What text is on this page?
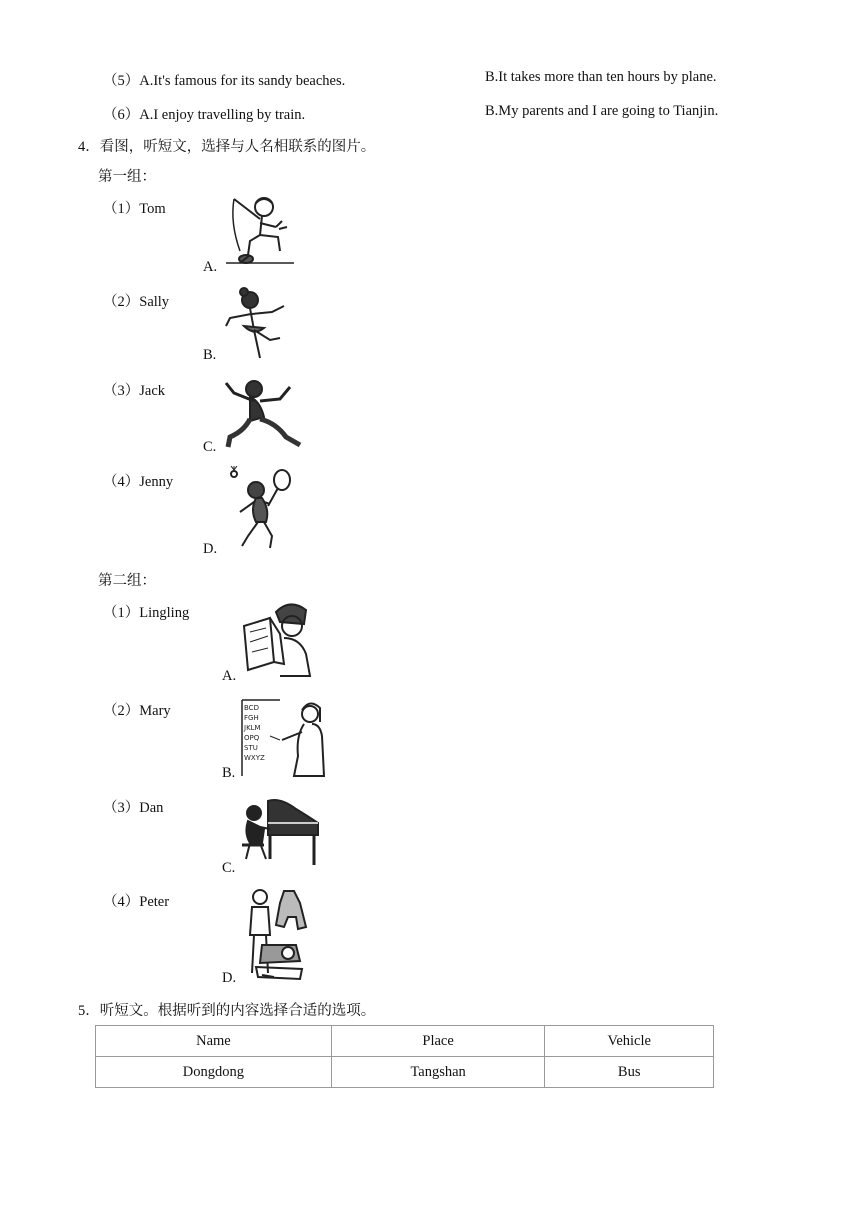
（5）A.It's famous for its sandy beaches.	B.It takes more than ten hours by plane.
（6）A.I enjoy travelling by train.	B.My parents and I are going to Tianjin.
4．看图，听短文，选择与人名相联系的图片。
第一组：
（1）Tom
（2）Sally
（3）Jack
（4）Jenny
A.
B.
C.
D.
第二组：
（1）Lingling
（2）Mary
（3）Dan
（4）Peter
A.
B.
C.
D.
BCD
FGH
JKLM
OPQ
STU
WXYZ
5．听短文。根据听到的内容选择合适的选项。
Name	Place	Vehicle
Dongdong	Tangshan	Bus
